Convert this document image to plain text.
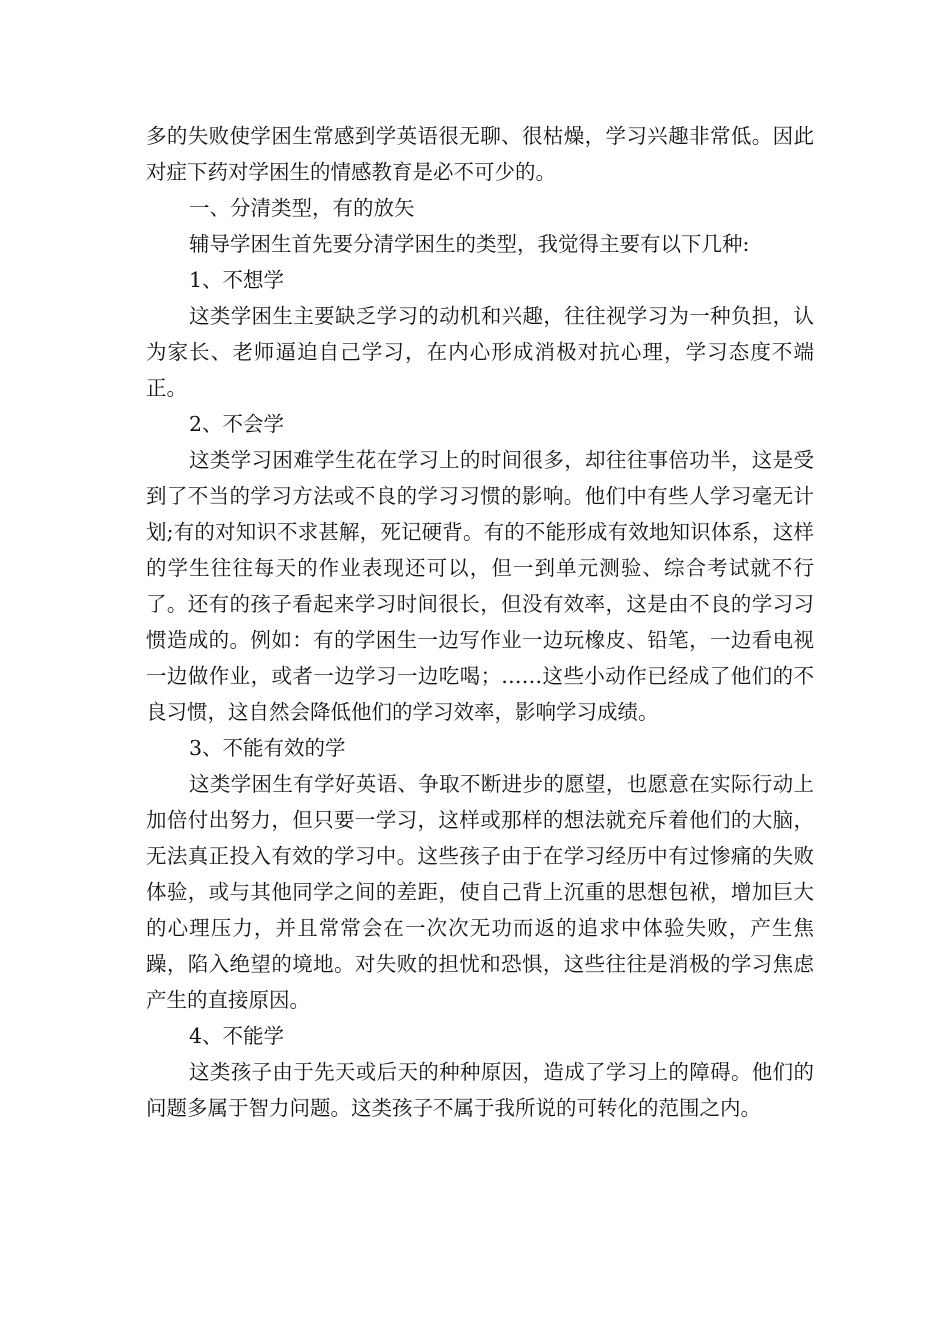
多的失败使学困生常感到学英语很无聊、很枯燥，学习兴趣非常低。因此对症下药对学困生的情感教育是必不可少的。

一、分清类型，有的放矢

辅导学困生首先要分清学困生的类型，我觉得主要有以下几种:

1、不想学

这类学困生主要缺乏学习的动机和兴趣，往往视学习为一种负担，认为家长、老师逼迫自己学习，在内心形成消极对抗心理，学习态度不端正。

2、不会学

这类学习困难学生花在学习上的时间很多，却往往事倍功半，这是受到了不当的学习方法或不良的学习习惯的影响。他们中有些人学习毫无计划;有的对知识不求甚解，死记硬背。有的不能形成有效地知识体系，这样的学生往往每天的作业表现还可以，但一到单元测验、综合考试就不行了。还有的孩子看起来学习时间很长，但没有效率，这是由不良的学习习惯造成的。例如：有的学困生一边写作业一边玩橡皮、铅笔，一边看电视一边做作业，或者一边学习一边吃喝；……这些小动作已经成了他们的不良习惯，这自然会降低他们的学习效率，影响学习成绩。

3、不能有效的学

这类学困生有学好英语、争取不断进步的愿望，也愿意在实际行动上加倍付出努力，但只要一学习，这样或那样的想法就充斥着他们的大脑，无法真正投入有效的学习中。这些孩子由于在学习经历中有过惨痛的失败体验，或与其他同学之间的差距，使自己背上沉重的思想包袱，增加巨大的心理压力，并且常常会在一次次无功而返的追求中体验失败，产生焦躁，陷入绝望的境地。对失败的担忧和恐惧，这些往往是消极的学习焦虑产生的直接原因。

4、不能学

这类孩子由于先天或后天的种种原因，造成了学习上的障碍。他们的问题多属于智力问题。这类孩子不属于我所说的可转化的范围之内。
